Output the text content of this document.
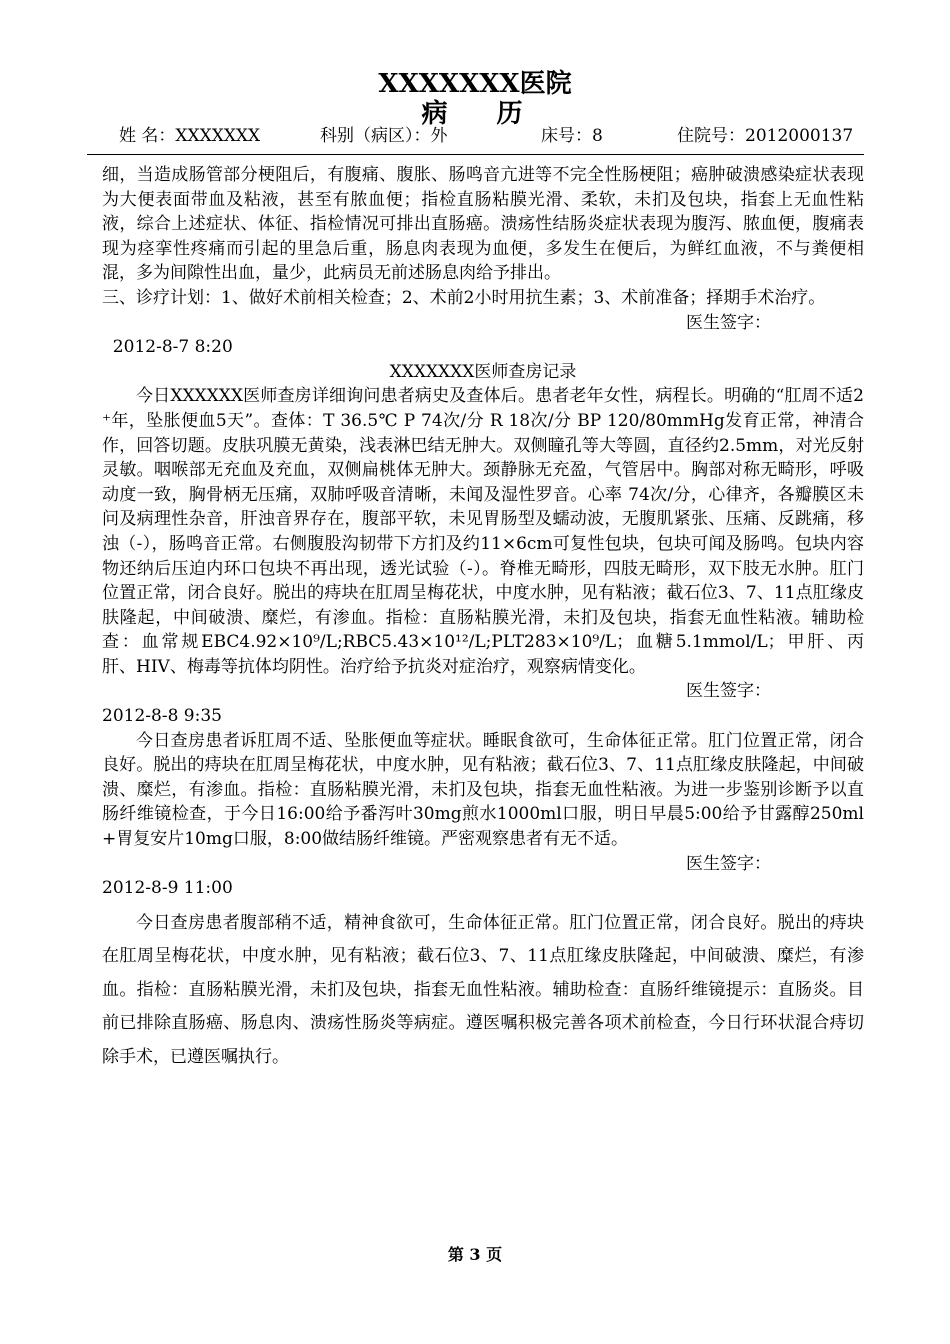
XXXXXXX医院
病 历
姓 名：XXXXXXX	科别（病区）：外	床号：8	住院号：2012000137

细，当造成肠管部分梗阻后，有腹痛、腹胀、肠鸣音亢进等不完全性肠梗阻；癌肿破溃感染症状表现为大便表面带血及粘液，甚至有脓血便；指检直肠粘膜光滑、柔软，未扪及包块，指套上无血性粘液，综合上述症状、体征、指检情况可排出直肠癌。溃疡性结肠炎症状表现为腹泻、脓血便，腹痛表现为痉挛性疼痛而引起的里急后重，肠息肉表现为血便，多发生在便后，为鲜红血液，不与粪便相混，多为间隙性出血，量少，此病员无前述肠息肉给予排出。

三、诊疗计划：1、做好术前相关检查；2、术前2小时用抗生素；3、术前准备；择期手术治疗。

医生签字：

2012-8-7 8:20

XXXXXXX医师查房记录

今日XXXXXX医师查房详细询问患者病史及查体后。患者老年女性，病程长。明确的“肛周不适2⁺年，坠胀便血5天”。查体：T 36.5℃ P 74次/分 R 18次/分 BP 120/80mmHg发育正常，神清合作，回答切题。皮肤巩膜无黄染，浅表淋巴结无肿大。双侧瞳孔等大等圆，直径约2.5mm，对光反射灵敏。咽喉部无充血及充血，双侧扁桃体无肿大。颈静脉无充盈，气管居中。胸部对称无畸形，呼吸动度一致，胸骨柄无压痛，双肺呼吸音清晰，未闻及湿性罗音。心率 74次/分，心律齐，各瓣膜区未问及病理性杂音，肝浊音界存在，腹部平软，未见胃肠型及蠕动波，无腹肌紧张、压痛、反跳痛，移浊（-），肠鸣音正常。右侧腹股沟韧带下方扪及约11×6cm可复性包块，包块可闻及肠鸣。包块内容物还纳后压迫内环口包块不再出现，透光试验（-）。脊椎无畸形，四肢无畸形，双下肢无水肿。肛门位置正常，闭合良好。脱出的痔块在肛周呈梅花状，中度水肿，见有粘液；截石位3、7、11点肛缘皮肤隆起，中间破溃、糜烂，有渗血。指检：直肠粘膜光滑，未扪及包块，指套无血性粘液。辅助检查：血常规EBC4.92×10⁹/L;RBC5.43×10¹²/L;PLT283×10⁹/L；血糖5.1mmol/L；甲肝、丙肝、HIV、梅毒等抗体均阴性。治疗给予抗炎对症治疗，观察病情变化。

医生签字：

2012-8-8 9:35

今日查房患者诉肛周不适、坠胀便血等症状。睡眠食欲可，生命体征正常。肛门位置正常，闭合良好。脱出的痔块在肛周呈梅花状，中度水肿，见有粘液；截石位3、7、11点肛缘皮肤隆起，中间破溃、糜烂，有渗血。指检：直肠粘膜光滑，未扪及包块，指套无血性粘液。为进一步鉴别诊断予以直肠纤维镜检查，于今日16:00给予番泻叶30mg煎水1000ml口服，明日早晨5:00给予甘露醇250ml+胃复安片10mg口服，8:00做结肠纤维镜。严密观察患者有无不适。

医生签字：

2012-8-9 11:00

今日查房患者腹部稍不适，精神食欲可，生命体征正常。肛门位置正常，闭合良好。脱出的痔块在肛周呈梅花状，中度水肿，见有粘液；截石位3、7、11点肛缘皮肤隆起，中间破溃、糜烂，有渗血。指检：直肠粘膜光滑，未扪及包块，指套无血性粘液。辅助检查：直肠纤维镜提示：直肠炎。目前已排除直肠癌、肠息肉、溃疡性肠炎等病症。遵医嘱积极完善各项术前检查，今日行环状混合痔切除手术，已遵医嘱执行。

第 3 页
